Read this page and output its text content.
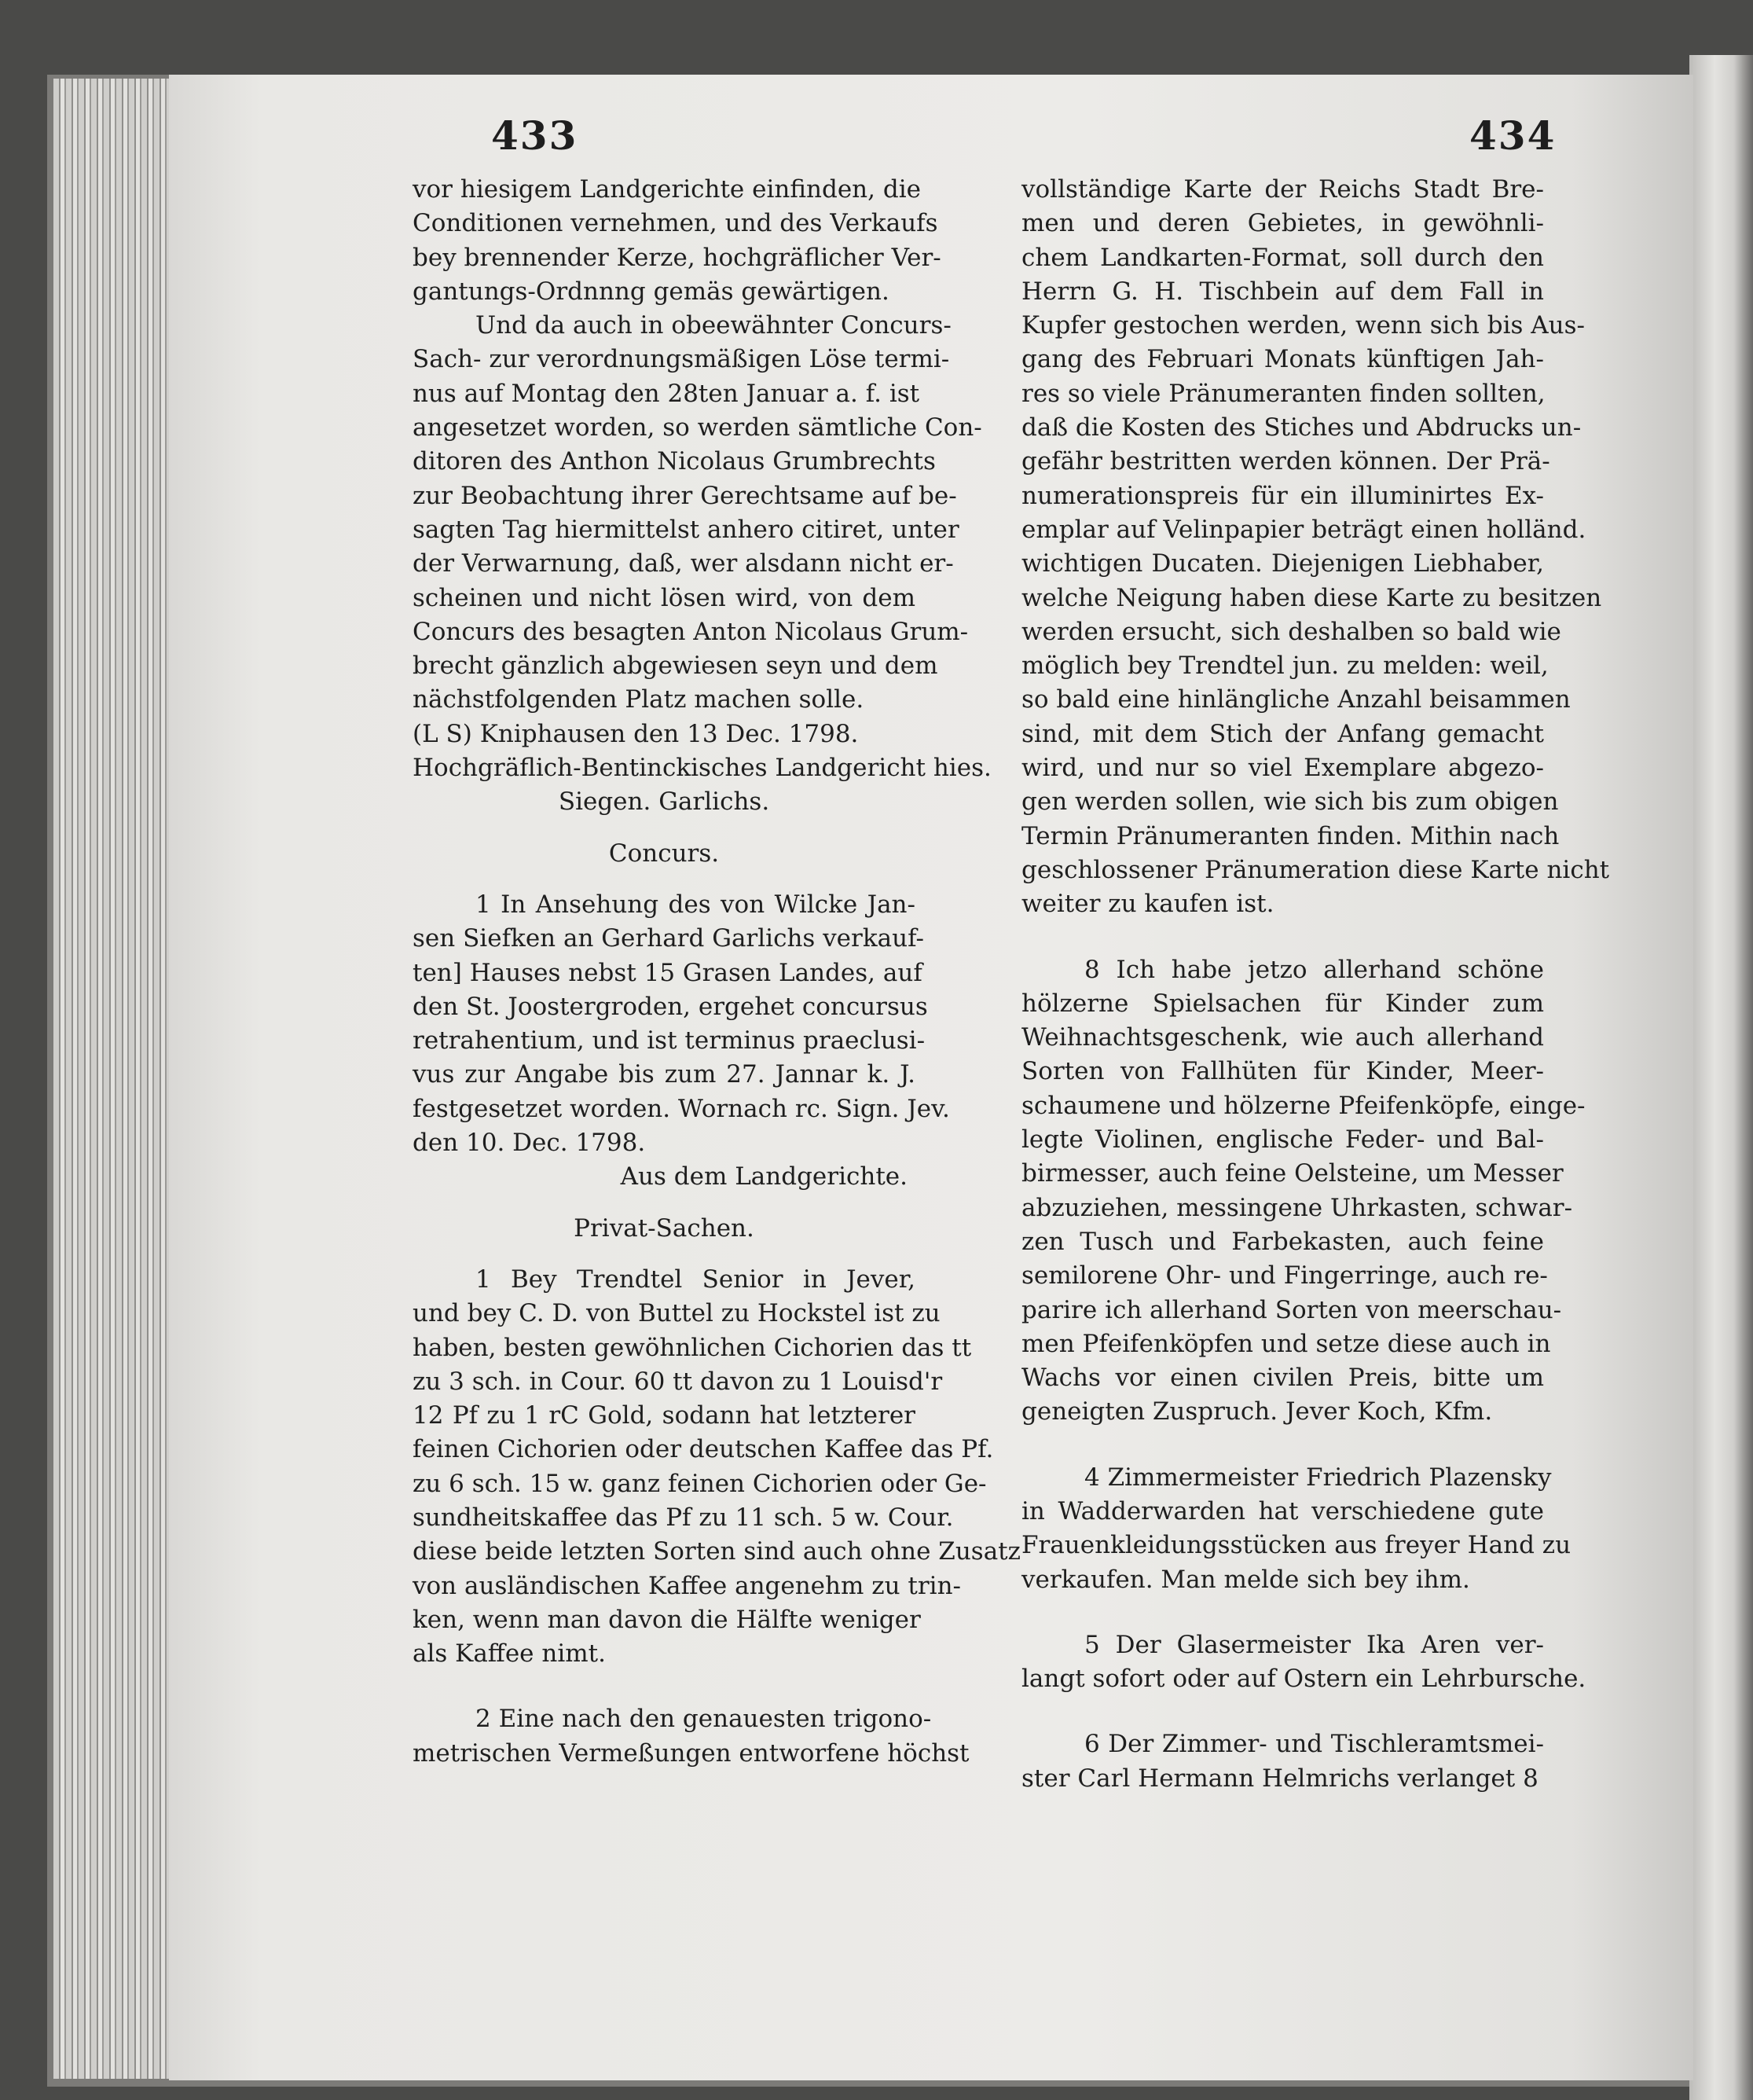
433	434
vor hiesigem Landgerichte einfinden, die
Conditionen vernehmen, und des Verkaufs
bey brennender Kerze, hochgräflicher Ver-
gantungs-Ordnnng gemäs gewärtigen.
Und da auch in obeewähnter Concurs-
Sach- zur verordnungsmäßigen Löse termi-
nus auf Montag den 28ten Januar a. f. ist
angesetzet worden, so werden sämtliche Con-
ditoren des Anthon Nicolaus Grumbrechts
zur Beobachtung ihrer Gerechtsame auf be-
sagten Tag hiermittelst anhero citiret, unter
der Verwarnung, daß, wer alsdann nicht er-
scheinen und nicht lösen wird, von dem
Concurs des besagten Anton Nicolaus Grum-
brecht gänzlich abgewiesen seyn und dem
nächstfolgenden Platz machen solle.
(L S) Kniphausen den 13 Dec. 1798.
Hochgräflich-Bentinckisches Landgericht hies.
Siegen. Garlichs.
Concurs.
1 In Ansehung des von Wilcke Jan-
sen Siefken an Gerhard Garlichs verkauf-
ten] Hauses nebst 15 Grasen Landes, auf
den St. Joostergroden, ergehet concursus
retrahentium, und ist terminus praeclusi-
vus zur Angabe bis zum 27. Jannar k. J.
festgesetzet worden. Wornach rc. Sign. Jev.
den 10. Dec. 1798.
Aus dem Landgerichte.
Privat-Sachen.
1 Bey Trendtel Senior in Jever,
und bey C. D. von Buttel zu Hockstel ist zu
haben, besten gewöhnlichen Cichorien das tt
zu 3 sch. in Cour. 60 tt davon zu 1 Louisd'r
12 Pf zu 1 rC Gold, sodann hat letzterer
feinen Cichorien oder deutschen Kaffee das Pf.
zu 6 sch. 15 w. ganz feinen Cichorien oder Ge-
sundheitskaffee das Pf zu 11 sch. 5 w. Cour.
diese beide letzten Sorten sind auch ohne Zusatz
von ausländischen Kaffee angenehm zu trin-
ken, wenn man davon die Hälfte weniger
als Kaffee nimt.
2 Eine nach den genauesten trigono-
metrischen Vermeßungen entworfene höchst
vollständige Karte der Reichs Stadt Bre-
men und deren Gebietes, in gewöhnli-
chem Landkarten-Format, soll durch den
Herrn G. H. Tischbein auf dem Fall in
Kupfer gestochen werden, wenn sich bis Aus-
gang des Februari Monats künftigen Jah-
res so viele Pränumeranten finden sollten,
daß die Kosten des Stiches und Abdrucks un-
gefähr bestritten werden können. Der Prä-
numerationspreis für ein illuminirtes Ex-
emplar auf Velinpapier beträgt einen holländ.
wichtigen Ducaten. Diejenigen Liebhaber,
welche Neigung haben diese Karte zu besitzen
werden ersucht, sich deshalben so bald wie
möglich bey Trendtel jun. zu melden: weil,
so bald eine hinlängliche Anzahl beisammen
sind, mit dem Stich der Anfang gemacht
wird, und nur so viel Exemplare abgezo-
gen werden sollen, wie sich bis zum obigen
Termin Pränumeranten finden. Mithin nach
geschlossener Pränumeration diese Karte nicht
weiter zu kaufen ist.
8 Ich habe jetzo allerhand schöne
hölzerne Spielsachen für Kinder zum
Weihnachtsgeschenk, wie auch allerhand
Sorten von Fallhüten für Kinder, Meer-
schaumene und hölzerne Pfeifenköpfe, einge-
legte Violinen, englische Feder- und Bal-
birmesser, auch feine Oelsteine, um Messer
abzuziehen, messingene Uhrkasten, schwar-
zen Tusch und Farbekasten, auch feine
semilorene Ohr- und Fingerringe, auch re-
parire ich allerhand Sorten von meerschau-
men Pfeifenköpfen und setze diese auch in
Wachs vor einen civilen Preis, bitte um
geneigten Zuspruch. Jever Koch, Kfm.
4 Zimmermeister Friedrich Plazensky
in Wadderwarden hat verschiedene gute
Frauenkleidungsstücken aus freyer Hand zu
verkaufen. Man melde sich bey ihm.
5 Der Glasermeister Ika Aren ver-
langt sofort oder auf Ostern ein Lehrbursche.
6 Der Zimmer- und Tischleramtsmei-
ster Carl Hermann Helmrichs verlanget 8
